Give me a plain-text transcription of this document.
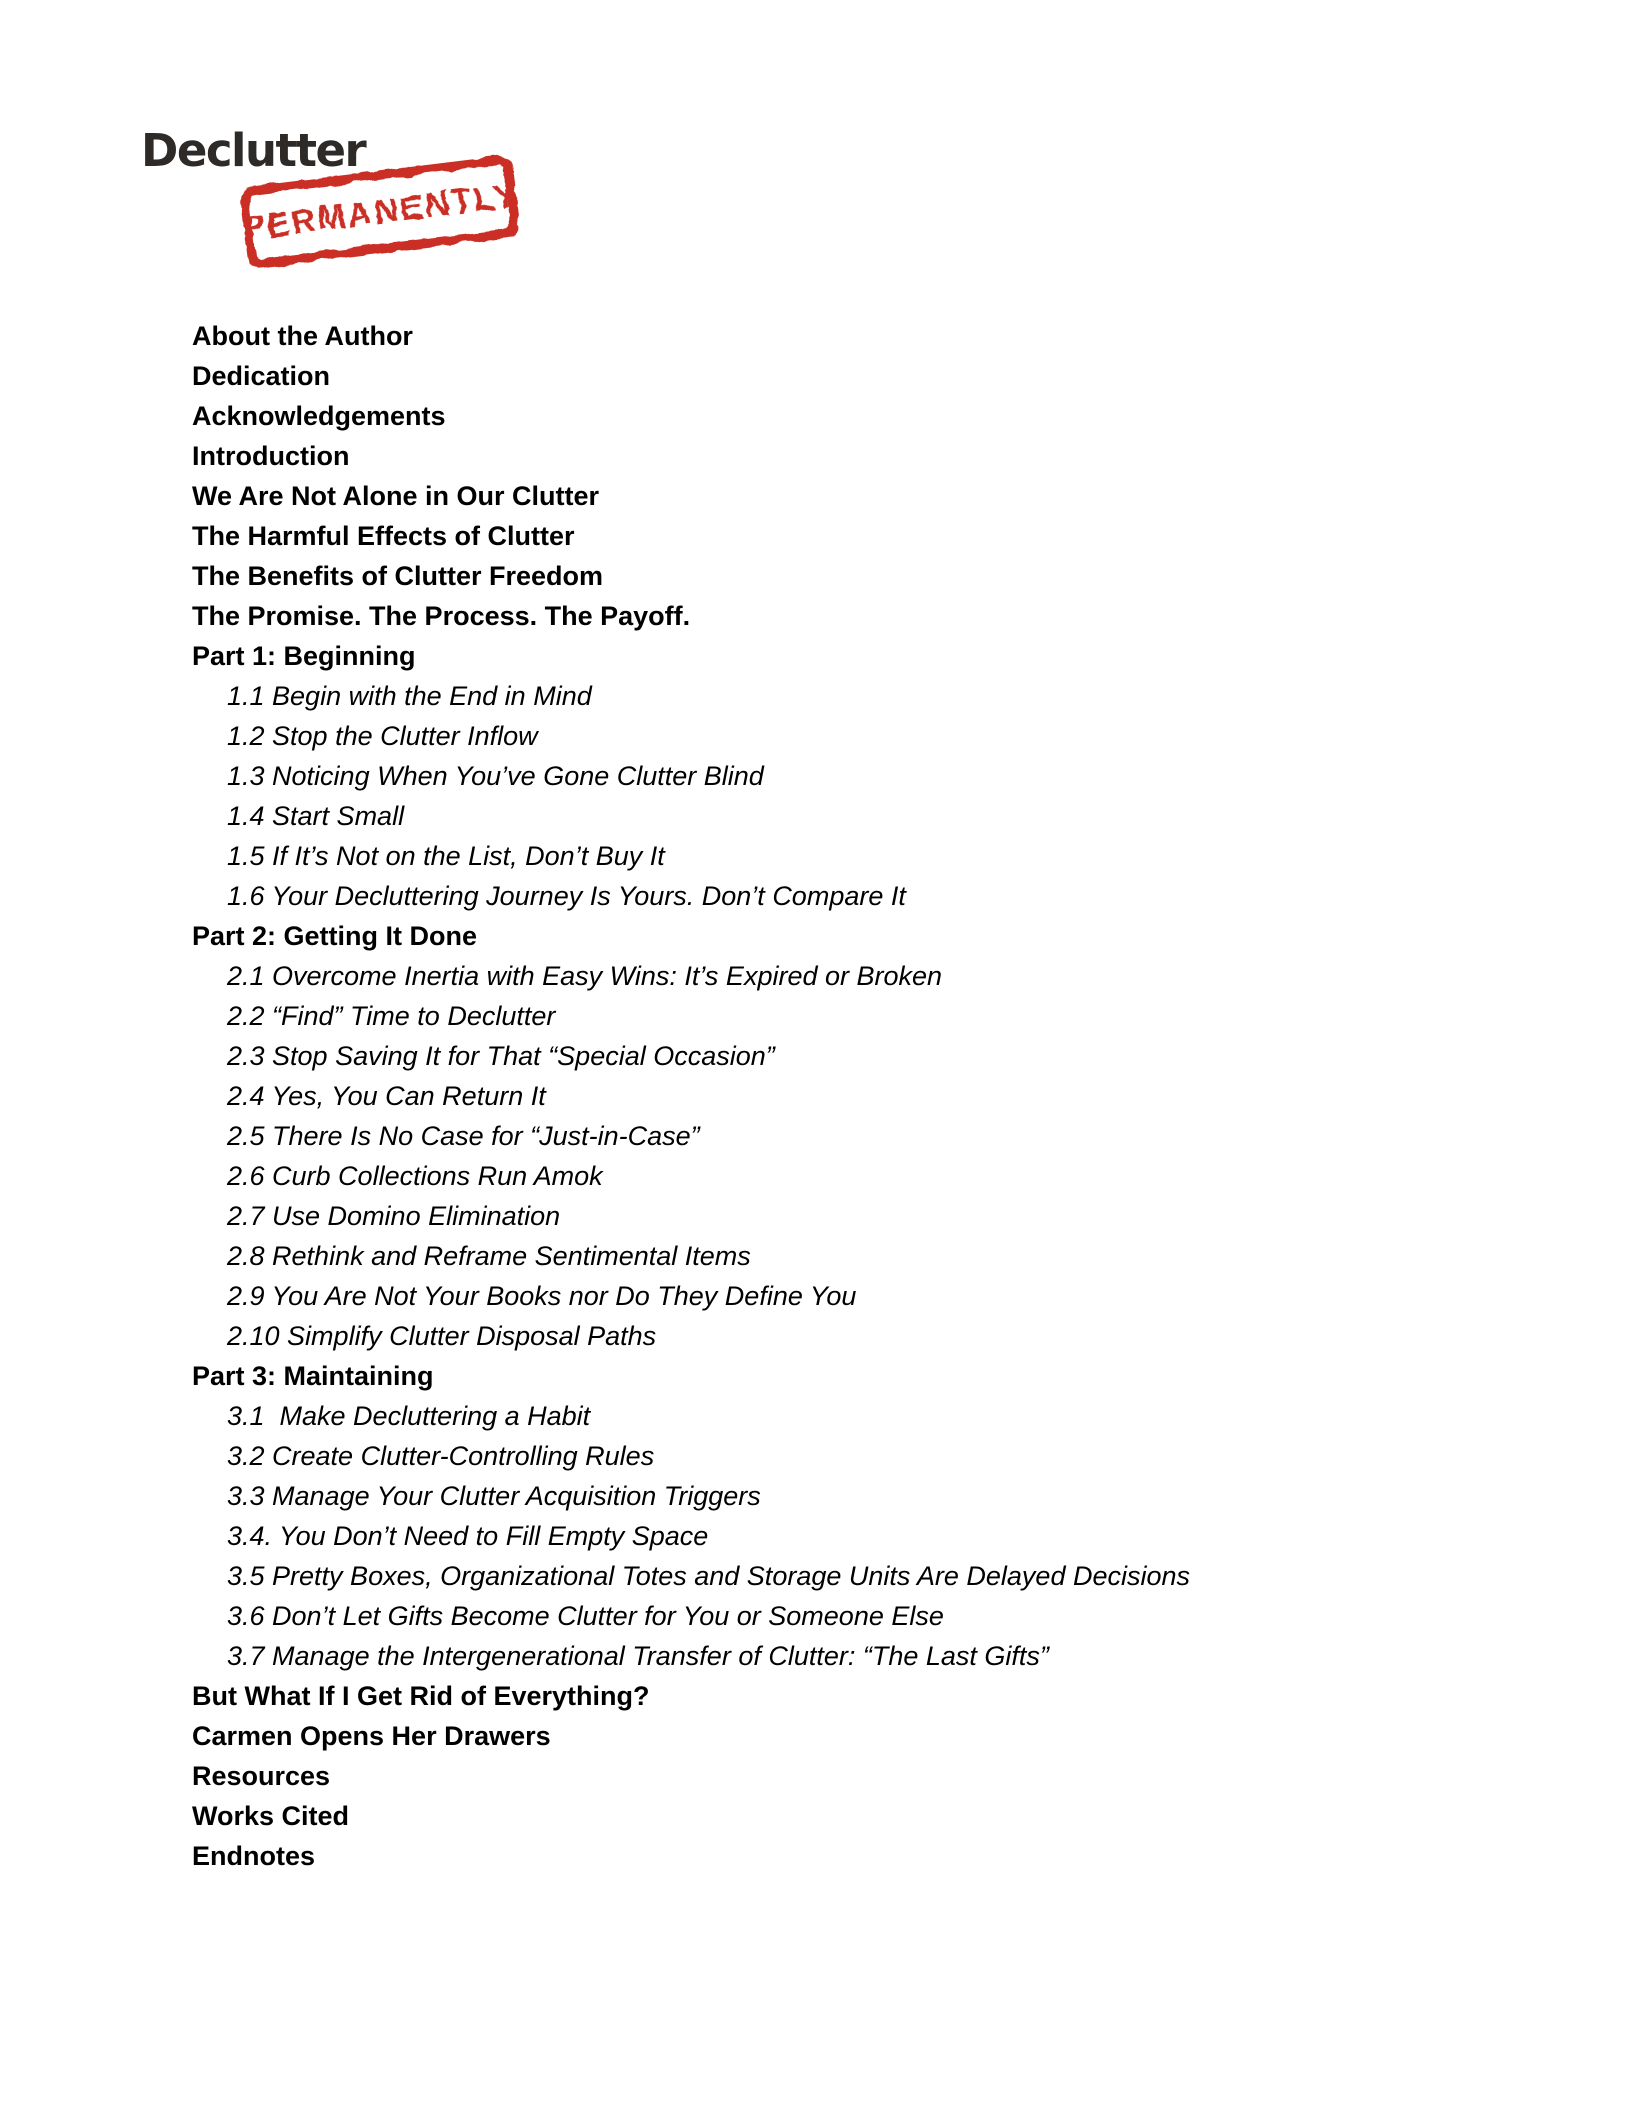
Declutter
PERMANENTLY
About the Author
Dedication
Acknowledgements
Introduction
We Are Not Alone in Our Clutter
The Harmful Effects of Clutter
The Benefits of Clutter Freedom
The Promise. The Process. The Payoff.
Part 1: Beginning
1.1 Begin with the End in Mind
1.2 Stop the Clutter Inflow
1.3 Noticing When You’ve Gone Clutter Blind
1.4 Start Small
1.5 If It’s Not on the List, Don’t Buy It
1.6 Your Decluttering Journey Is Yours. Don’t Compare It
Part 2: Getting It Done
2.1 Overcome Inertia with Easy Wins: It’s Expired or Broken
2.2 “Find” Time to Declutter
2.3 Stop Saving It for That “Special Occasion”
2.4 Yes, You Can Return It
2.5 There Is No Case for “Just-in-Case”
2.6 Curb Collections Run Amok
2.7 Use Domino Elimination
2.8 Rethink and Reframe Sentimental Items
2.9 You Are Not Your Books nor Do They Define You
2.10 Simplify Clutter Disposal Paths
Part 3: Maintaining
3.1  Make Decluttering a Habit
3.2 Create Clutter-Controlling Rules
3.3 Manage Your Clutter Acquisition Triggers
3.4. You Don’t Need to Fill Empty Space
3.5 Pretty Boxes, Organizational Totes and Storage Units Are Delayed Decisions
3.6 Don’t Let Gifts Become Clutter for You or Someone Else
3.7 Manage the Intergenerational Transfer of Clutter: “The Last Gifts”
But What If I Get Rid of Everything?
Carmen Opens Her Drawers
Resources
Works Cited
Endnotes
